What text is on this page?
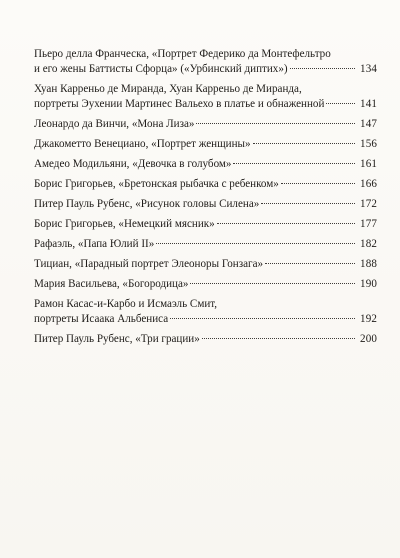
Пьеро делла Франческа, «Портрет Федерико да Монтефельтро
и его жены Баттисты Сфорца» («Урбинский диптих»)	134
Хуан Карреньо де Миранда, Хуан Карреньо де Миранда,
портреты Эухении Мартинес Вальехо в платье и обнаженной	141
Леонардо да Винчи, «Мона Лиза»	147
Джакометто Венециано, «Портрет женщины»	156
Амедео Модильяни, «Девочка в голубом»	161
Борис Григорьев, «Бретонская рыбачка с ребенком»	166
Питер Пауль Рубенс, «Рисунок головы Силена»	172
Борис Григорьев, «Немецкий мясник»	177
Рафаэль, «Папа Юлий II»	182
Тициан, «Парадный портрет Элеоноры Гонзага»	188
Мария Васильева, «Богородица»	190
Рамон Касас-и-Карбо и Исмаэль Смит,
портреты Исаака Альбениса	192
Питер Пауль Рубенс, «Три грации»	200
